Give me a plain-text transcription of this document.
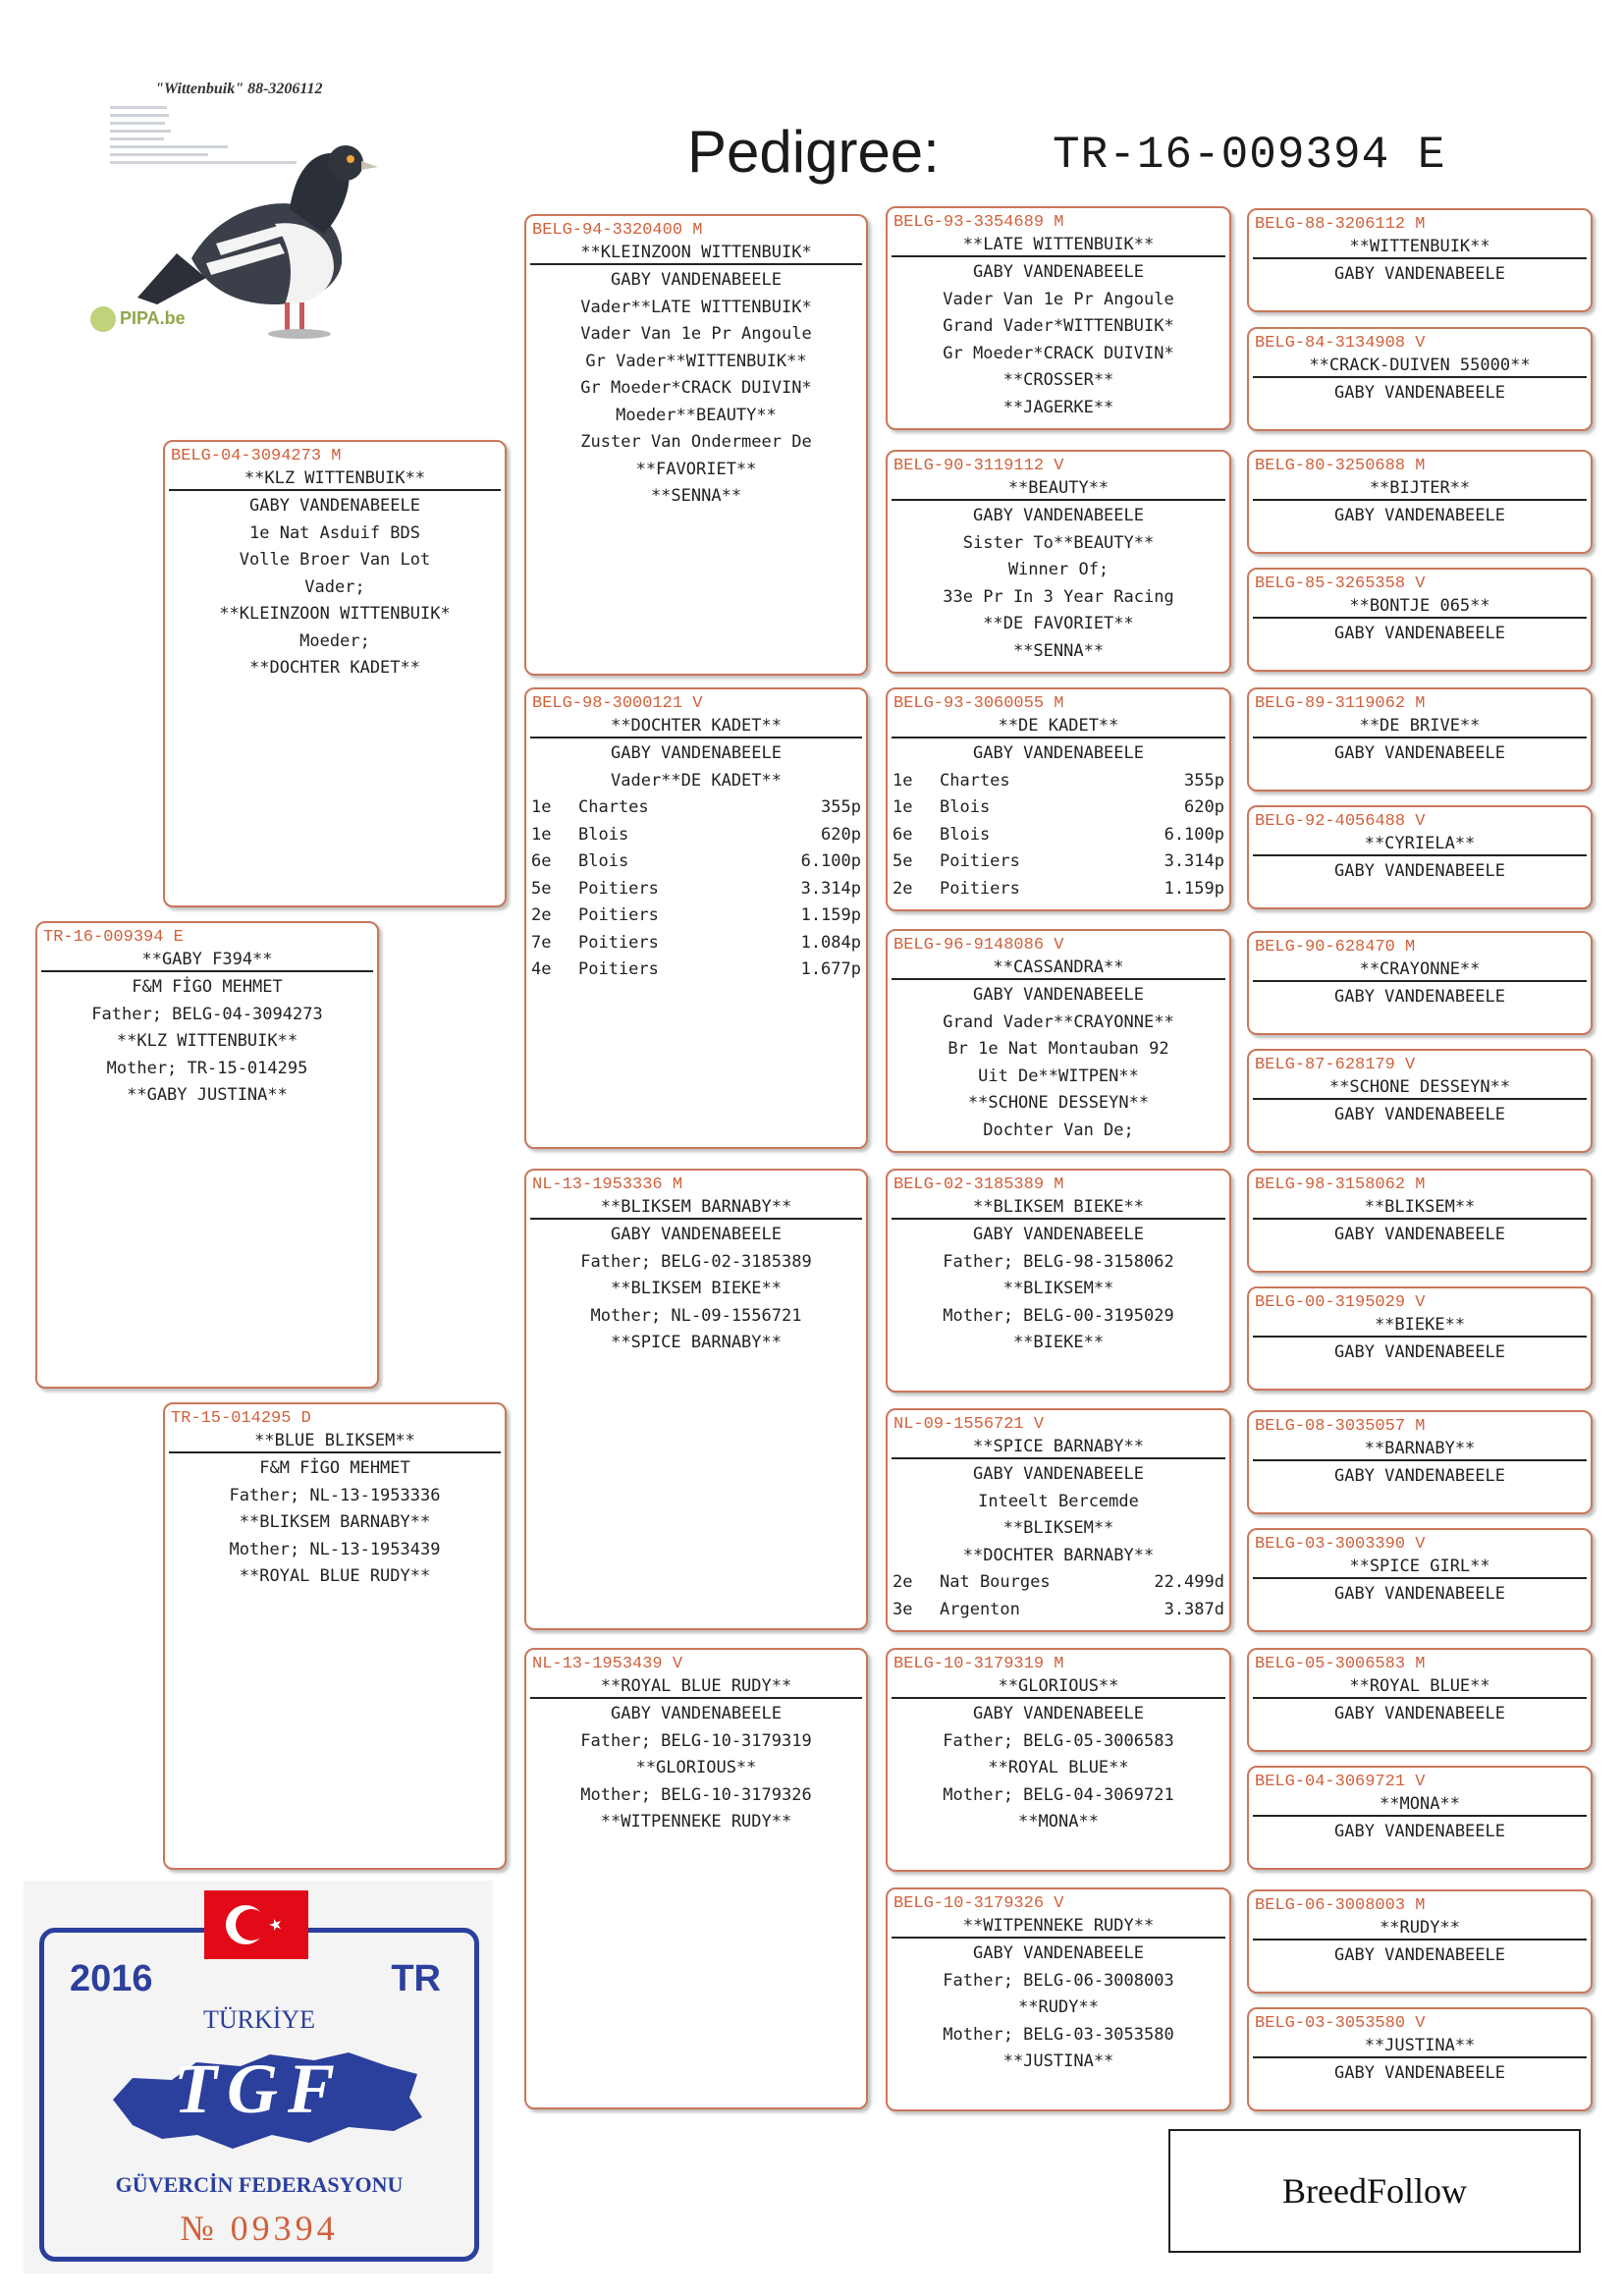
Pedigree:	TR-16-009394 E
"Wittenbuik" 88-3206112
PIPA.be
TR-16-009394 E
**GABY F394**
F&M FİGO MEHMET
Father; BELG-04-3094273
**KLZ WITTENBUIK**
Mother; TR-15-014295
**GABY JUSTINA**
BELG-04-3094273 M
**KLZ WITTENBUIK**
GABY VANDENABEELE
1e Nat Asduif BDS
Volle Broer Van Lot
Vader;
**KLEINZOON WITTENBUIK*
Moeder;
**DOCHTER KADET**
TR-15-014295 D
**BLUE BLIKSEM**
F&M FİGO MEHMET
Father; NL-13-1953336
**BLIKSEM BARNABY**
Mother; NL-13-1953439
**ROYAL BLUE RUDY**
BELG-94-3320400 M
**KLEINZOON WITTENBUIK*
GABY VANDENABEELE
Vader**LATE WITTENBUIK*
Vader Van 1e Pr Angoule
Gr Vader**WITTENBUIK**
Gr Moeder*CRACK DUIVIN*
Moeder**BEAUTY**
Zuster Van Ondermeer De
**FAVORIET**
**SENNA**
BELG-98-3000121 V
**DOCHTER KADET**
GABY VANDENABEELE
Vader**DE KADET**
1e	Chartes	355p
1e	Blois	620p
6e	Blois	6.100p
5e	Poitiers	3.314p
2e	Poitiers	1.159p
7e	Poitiers	1.084p
4e	Poitiers	1.677p
NL-13-1953336 M
**BLIKSEM BARNABY**
GABY VANDENABEELE
Father; BELG-02-3185389
**BLIKSEM BIEKE**
Mother; NL-09-1556721
**SPICE BARNABY**
NL-13-1953439 V
**ROYAL BLUE RUDY**
GABY VANDENABEELE
Father; BELG-10-3179319
**GLORIOUS**
Mother; BELG-10-3179326
**WITPENNEKE RUDY**
BELG-93-3354689 M
**LATE WITTENBUIK**
GABY VANDENABEELE
Vader Van 1e Pr Angoule
Grand Vader*WITTENBUIK*
Gr Moeder*CRACK DUIVIN*
**CROSSER**
**JAGERKE**
BELG-90-3119112 V
**BEAUTY**
GABY VANDENABEELE
Sister To**BEAUTY**
Winner Of;
33e Pr In 3 Year Racing
**DE FAVORIET**
**SENNA**
BELG-93-3060055 M
**DE KADET**
GABY VANDENABEELE
1e	Chartes	355p
1e	Blois	620p
6e	Blois	6.100p
5e	Poitiers	3.314p
2e	Poitiers	1.159p
BELG-96-9148086 V
**CASSANDRA**
GABY VANDENABEELE
Grand Vader**CRAYONNE**
Br 1e Nat Montauban 92
Uit De**WITPEN**
**SCHONE DESSEYN**
Dochter Van De;
BELG-02-3185389 M
**BLIKSEM BIEKE**
GABY VANDENABEELE
Father; BELG-98-3158062
**BLIKSEM**
Mother; BELG-00-3195029
**BIEKE**
NL-09-1556721 V
**SPICE BARNABY**
GABY VANDENABEELE
Inteelt Bercemde
**BLIKSEM**
**DOCHTER BARNABY**
2e	Nat Bourges	22.499d
3e	Argenton	3.387d
BELG-10-3179319 M
**GLORIOUS**
GABY VANDENABEELE
Father; BELG-05-3006583
**ROYAL BLUE**
Mother; BELG-04-3069721
**MONA**
BELG-10-3179326 V
**WITPENNEKE RUDY**
GABY VANDENABEELE
Father; BELG-06-3008003
**RUDY**
Mother; BELG-03-3053580
**JUSTINA**
BELG-88-3206112 M
**WITTENBUIK**
GABY VANDENABEELE
BELG-84-3134908 V
**CRACK-DUIVEN 55000**
GABY VANDENABEELE
BELG-80-3250688 M
**BIJTER**
GABY VANDENABEELE
BELG-85-3265358 V
**BONTJE 065**
GABY VANDENABEELE
BELG-89-3119062 M
**DE BRIVE**
GABY VANDENABEELE
BELG-92-4056488 V
**CYRIELA**
GABY VANDENABEELE
BELG-90-628470 M
**CRAYONNE**
GABY VANDENABEELE
BELG-87-628179 V
**SCHONE DESSEYN**
GABY VANDENABEELE
BELG-98-3158062 M
**BLIKSEM**
GABY VANDENABEELE
BELG-00-3195029 V
**BIEKE**
GABY VANDENABEELE
BELG-08-3035057 M
**BARNABY**
GABY VANDENABEELE
BELG-03-3003390 V
**SPICE GIRL**
GABY VANDENABEELE
BELG-05-3006583 M
**ROYAL BLUE**
GABY VANDENABEELE
BELG-04-3069721 V
**MONA**
GABY VANDENABEELE
BELG-06-3008003 M
**RUDY**
GABY VANDENABEELE
BELG-03-3053580 V
**JUSTINA**
GABY VANDENABEELE
2016	TR
TÜRKİYE
TGF
GÜVERCİN FEDERASYONU
№ 09394
BreedFollow
